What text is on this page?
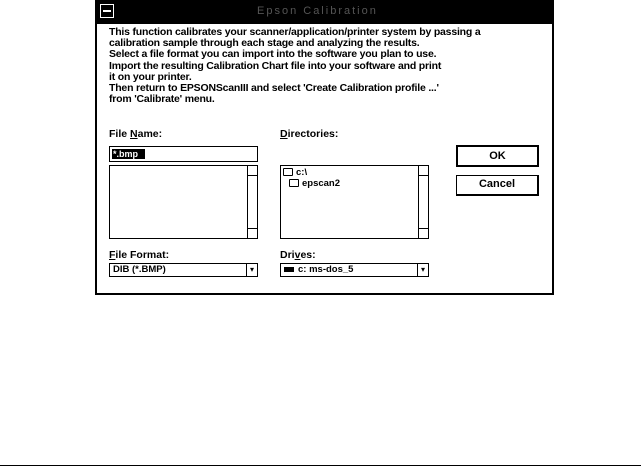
Epson Calibration
This function calibrates your scanner/application/printer system by passing a
calibration sample through each stage and analyzing the results.
Select a file format you can import into the software you plan to use.
Import the resulting Calibration Chart file into your software and print
it on your printer.
Then return to EPSONScanIII and select 'Create Calibration profile ...'
from 'Calibrate' menu.
File Name:
*.bmp
Directories:
c:\
epscan2
OK
Cancel
File Format:
DIB (*.BMP)	▾
Drives:
c: ms-dos_5	▾
